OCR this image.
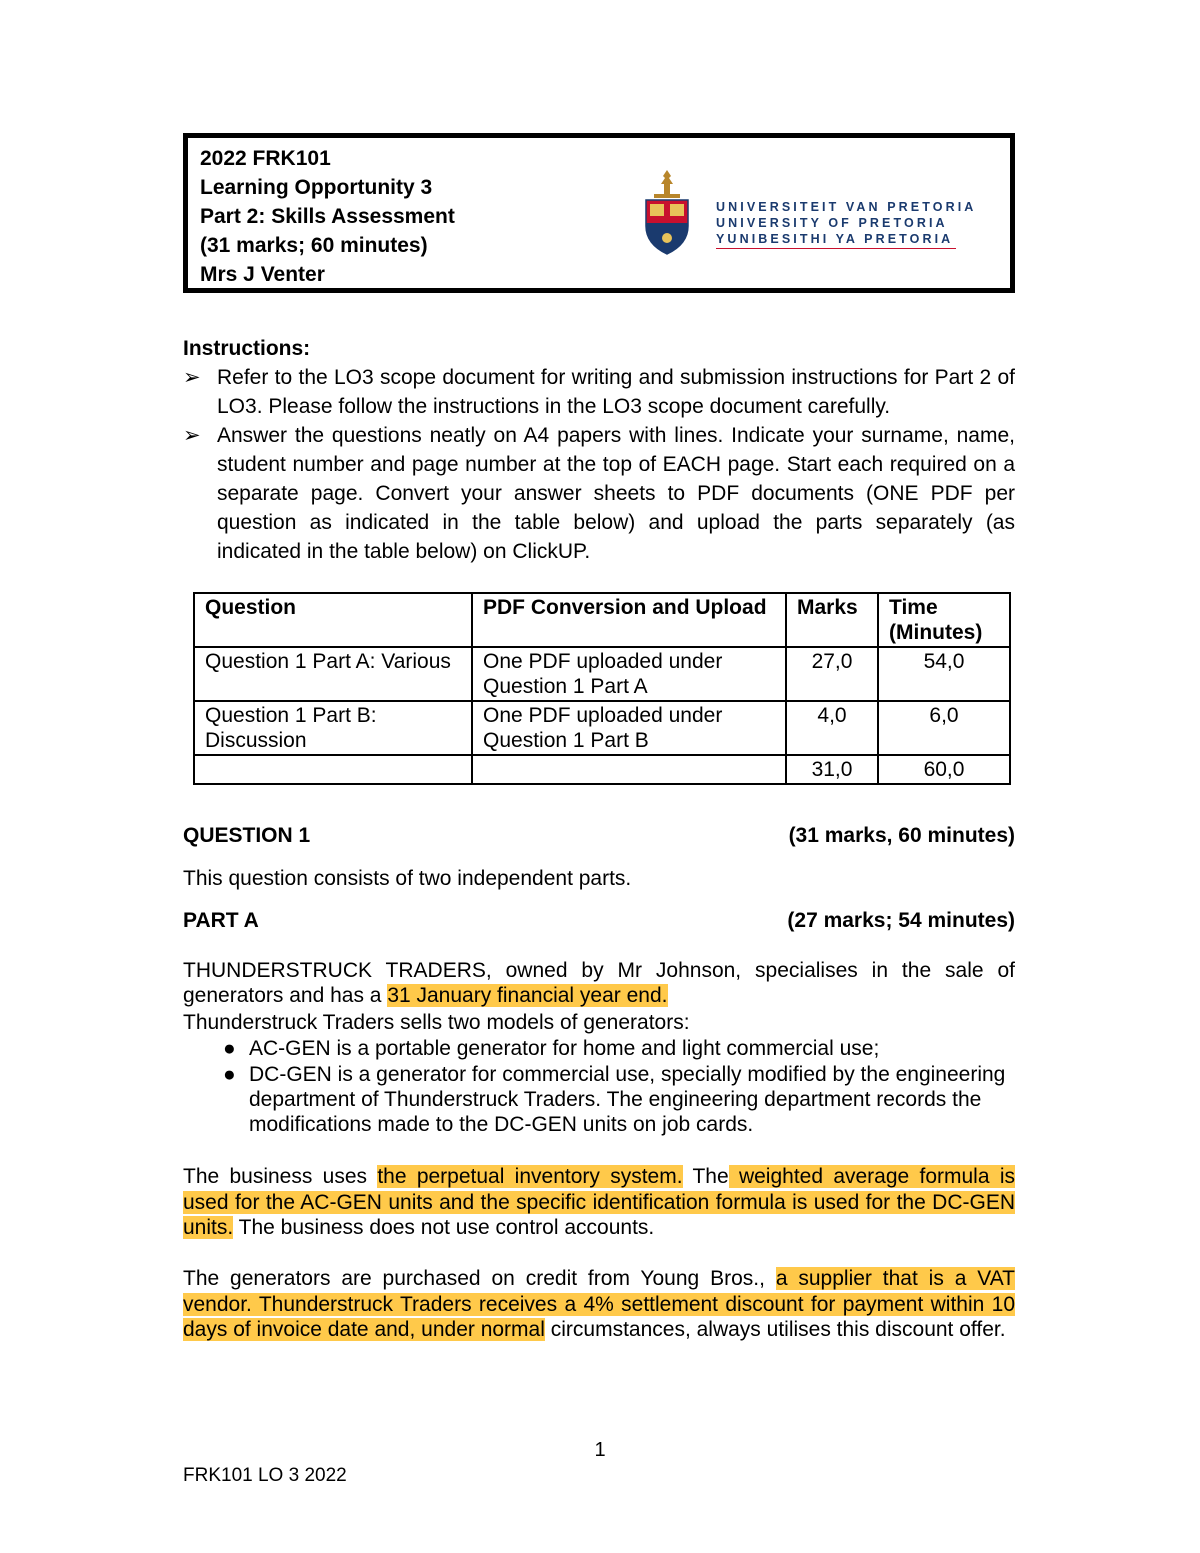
2022 FRK101
Learning Opportunity 3
Part 2: Skills Assessment
(31 marks; 60 minutes)
Mrs J Venter
UNIVERSITEIT VAN PRETORIA
UNIVERSITY OF PRETORIA
YUNIBESITHI YA PRETORIA
Instructions:
➢ Refer to the LO3 scope document for writing and submission instructions for Part 2 of LO3. Please follow the instructions in the LO3 scope document carefully.
➢ Answer the questions neatly on A4 papers with lines. Indicate your surname, name, student number and page number at the top of EACH page. Start each required on a separate page. Convert your answer sheets to PDF documents (ONE PDF per question as indicated in the table below) and upload the parts separately (as indicated in the table below) on ClickUP.
Question	PDF Conversion and Upload	Marks	Time (Minutes)
Question 1 Part A: Various	One PDF uploaded under Question 1 Part A	27,0	54,0
Question 1 Part B: Discussion	One PDF uploaded under Question 1 Part B	4,0	6,0
		31,0	60,0
QUESTION 1	(31 marks, 60 minutes)
This question consists of two independent parts.
PART A	(27 marks; 54 minutes)
THUNDERSTRUCK TRADERS, owned by Mr Johnson, specialises in the sale of generators and has a 31 January financial year end.
Thunderstruck Traders sells two models of generators:
● AC-GEN is a portable generator for home and light commercial use;
● DC-GEN is a generator for commercial use, specially modified by the engineering department of Thunderstruck Traders. The engineering department records the modifications made to the DC-GEN units on job cards.
The business uses the perpetual inventory system. The weighted average formula is used for the AC-GEN units and the specific identification formula is used for the DC-GEN units. The business does not use control accounts.
The generators are purchased on credit from Young Bros., a supplier that is a VAT vendor. Thunderstruck Traders receives a 4% settlement discount for payment within 10 days of invoice date and, under normal circumstances, always utilises this discount offer.
1
FRK101 LO 3 2022
